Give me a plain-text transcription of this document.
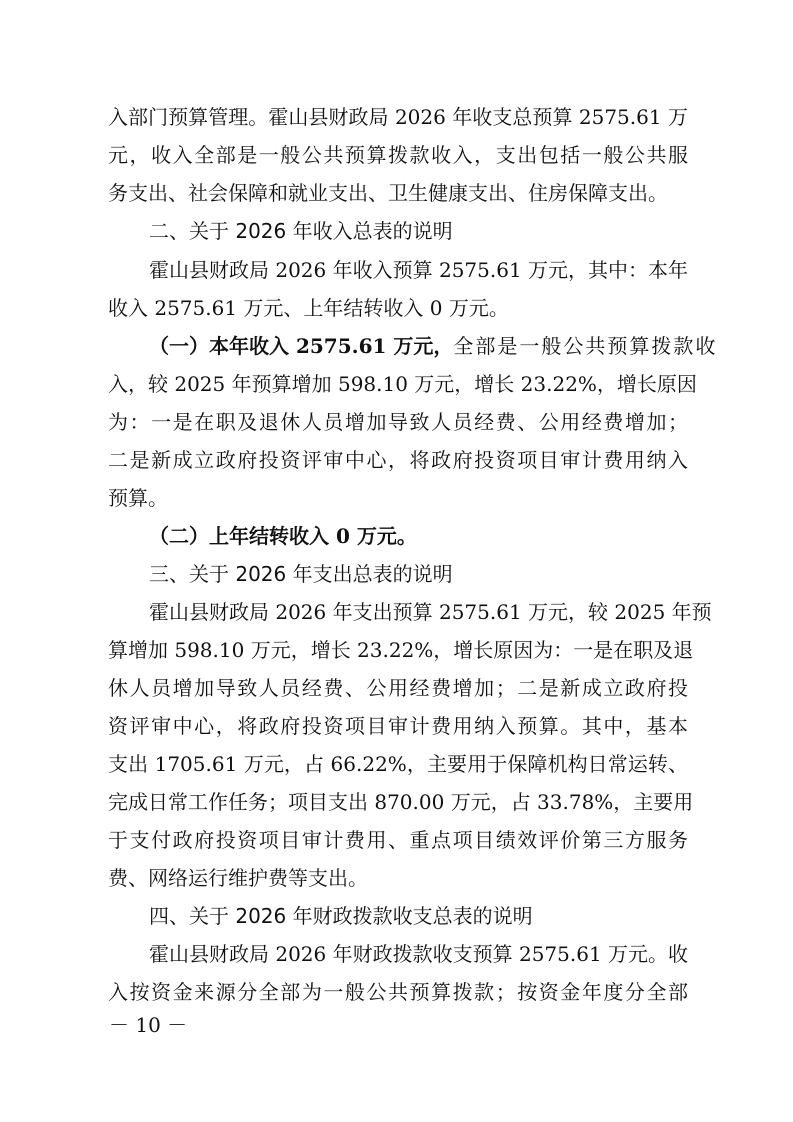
入部门预算管理。霍山县财政局 2026 年收支总预算 2575.61 万
元，收入全部是一般公共预算拨款收入，支出包括一般公共服
务支出、社会保障和就业支出、卫生健康支出、住房保障支出。
二、关于 2026 年收入总表的说明
霍山县财政局 2026 年收入预算 2575.61 万元，其中：本年
收入 2575.61 万元、上年结转收入 0 万元。
（一）本年收入 2575.61 万元，全部是一般公共预算拨款收
入，较 2025 年预算增加 598.10 万元，增长 23.22%，增长原因
为：一是在职及退休人员增加导致人员经费、公用经费增加；
二是新成立政府投资评审中心，将政府投资项目审计费用纳入
预算。
（二）上年结转收入 0 万元。
三、关于 2026 年支出总表的说明
霍山县财政局 2026 年支出预算 2575.61 万元，较 2025 年预
算增加 598.10 万元，增长 23.22%，增长原因为：一是在职及退
休人员增加导致人员经费、公用经费增加；二是新成立政府投
资评审中心，将政府投资项目审计费用纳入预算。其中，基本
支出 1705.61 万元，占 66.22%，主要用于保障机构日常运转、
完成日常工作任务；项目支出 870.00 万元，占 33.78%，主要用
于支付政府投资项目审计费用、重点项目绩效评价第三方服务
费、网络运行维护费等支出。
四、关于 2026 年财政拨款收支总表的说明
霍山县财政局 2026 年财政拨款收支预算 2575.61 万元。收
入按资金来源分全部为一般公共预算拨款；按资金年度分全部
－ 10 －
